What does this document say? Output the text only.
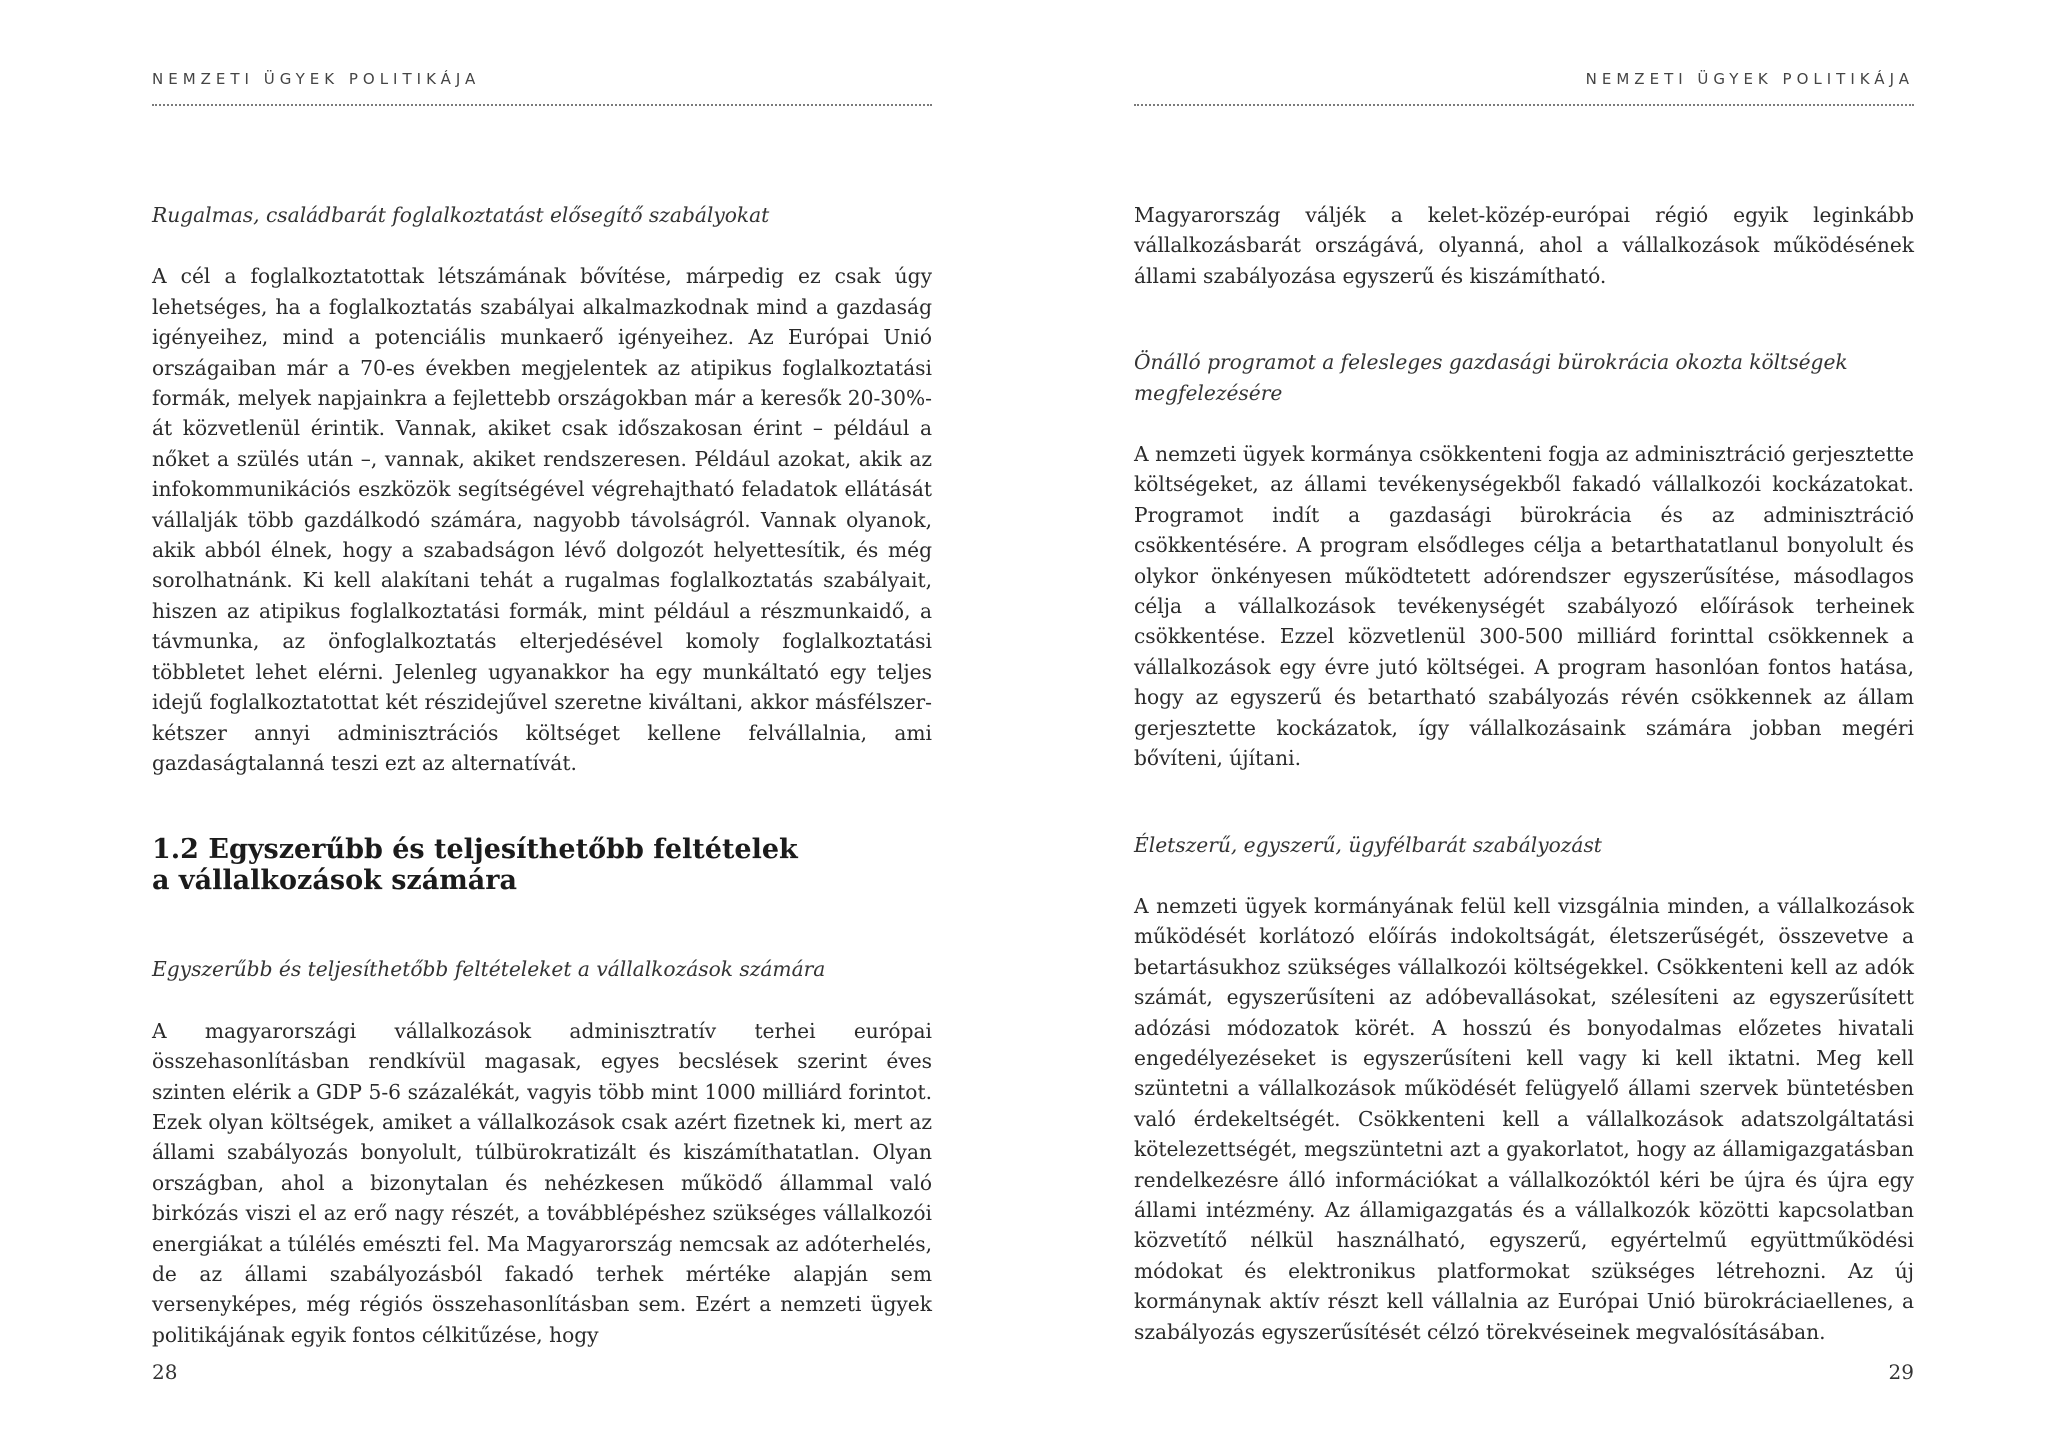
NEMZETI ÜGYEK POLITIKÁJA
Rugalmas, családbarát foglalkoztatást elősegítő szabályokat

A cél a foglalkoztatottak létszámának bővítése, márpedig ez csak úgy lehetséges, ha a foglalkoztatás szabályai alkalmazkodnak mind a gazdaság igényeihez, mind a potenciális munkaerő igényeihez. Az Európai Unió országaiban már a 70-es években megjelentek az atipikus foglalkoztatási formák, melyek napjainkra a fejlettebb országokban már a keresők 20-30%-át közvetlenül érintik. Vannak, akiket csak időszakosan érint – például a nőket a szülés után –, vannak, akiket rendszeresen. Például azokat, akik az infokommunikációs eszközök segítségével végrehajtható feladatok ellátását vállalják több gazdálkodó számára, nagyobb távolságról. Vannak olyanok, akik abból élnek, hogy a szabadságon lévő dolgozót helyettesítik, és még sorolhatnánk. Ki kell alakítani tehát a rugalmas foglalkoztatás szabályait, hiszen az atipikus foglalkoztatási formák, mint például a részmunkaidő, a távmunka, az önfoglalkoztatás elterjedésével komoly foglalkoztatási többletet lehet elérni. Jelenleg ugyanakkor ha egy munkáltató egy teljes idejű foglalkoztatottat két részidejűvel szeretne kiváltani, akkor másfélszer-kétszer annyi adminisztrációs költséget kellene felvállalnia, ami gazdaságtalanná teszi ezt az alternatívát.

1.2 Egyszerűbb és teljesíthetőbb feltételek
a vállalkozások számára
Egyszerűbb és teljesíthetőbb feltételeket a vállalkozások számára

A magyarországi vállalkozások adminisztratív terhei európai összehasonlításban rendkívül magasak, egyes becslések szerint éves szinten elérik a GDP 5-6 százalékát, vagyis több mint 1000 milliárd forintot. Ezek olyan költségek, amiket a vállalkozások csak azért fizetnek ki, mert az állami szabályozás bonyolult, túlbürokratizált és kiszámíthatatlan. Olyan országban, ahol a bizonytalan és nehézkesen működő állammal való birkózás viszi el az erő nagy részét, a továbblépéshez szükséges vállalkozói energiákat a túlélés emészti fel. Ma Magyarország nemcsak az adóterhelés, de az állami szabályozásból fakadó terhek mértéke alapján sem versenyképes, még régiós összehasonlításban sem. Ezért a nemzeti ügyek politikájának egyik fontos célkitűzése, hogy

28
NEMZETI ÜGYEK POLITIKÁJA

Magyarország váljék a kelet-közép-európai régió egyik leginkább vállalkozásbarát országává, olyanná, ahol a vállalkozások működésének állami szabályozása egyszerű és kiszámítható.

Önálló programot a felesleges gazdasági bürokrácia okozta költségek megfelezésére

A nemzeti ügyek kormánya csökkenteni fogja az adminisztráció gerjesztette költségeket, az állami tevékenységekből fakadó vállalkozói kockázatokat. Programot indít a gazdasági bürokrácia és az adminisztráció csökkentésére. A program elsődleges célja a betarthatatlanul bonyolult és olykor önkényesen működtetett adórendszer egyszerűsítése, másodlagos célja a vállalkozások tevékenységét szabályozó előírások terheinek csökkentése. Ezzel közvetlenül 300-500 milliárd forinttal csökkennek a vállalkozások egy évre jutó költségei. A program hasonlóan fontos hatása, hogy az egyszerű és betartható szabályozás révén csökkennek az állam gerjesztette kockázatok, így vállalkozásaink számára jobban megéri bővíteni, újítani.

Életszerű, egyszerű, ügyfélbarát szabályozást

A nemzeti ügyek kormányának felül kell vizsgálnia minden, a vállalkozások működését korlátozó előírás indokoltságát, életszerűségét, összevetve a betartásukhoz szükséges vállalkozói költségekkel. Csökkenteni kell az adók számát, egyszerűsíteni az adóbevallásokat, szélesíteni az egyszerűsített adózási módozatok körét. A hosszú és bonyodalmas előzetes hivatali engedélyezéseket is egyszerűsíteni kell vagy ki kell iktatni. Meg kell szüntetni a vállalkozások működését felügyelő állami szervek büntetésben való érdekeltségét. Csökkenteni kell a vállalkozások adatszolgáltatási kötelezettségét, megszüntetni azt a gyakorlatot, hogy az államigazgatásban rendelkezésre álló információkat a vállalkozóktól kéri be újra és újra egy állami intézmény. Az államigazgatás és a vállalkozók közötti kapcsolatban közvetítő nélkül használható, egyszerű, egyértelmű együttműködési módokat és elektronikus platformokat szükséges létrehozni. Az új kormánynak aktív részt kell vállalnia az Európai Unió bürokráciaellenes, a szabályozás egyszerűsítését célzó törekvéseinek megvalósításában.

29
